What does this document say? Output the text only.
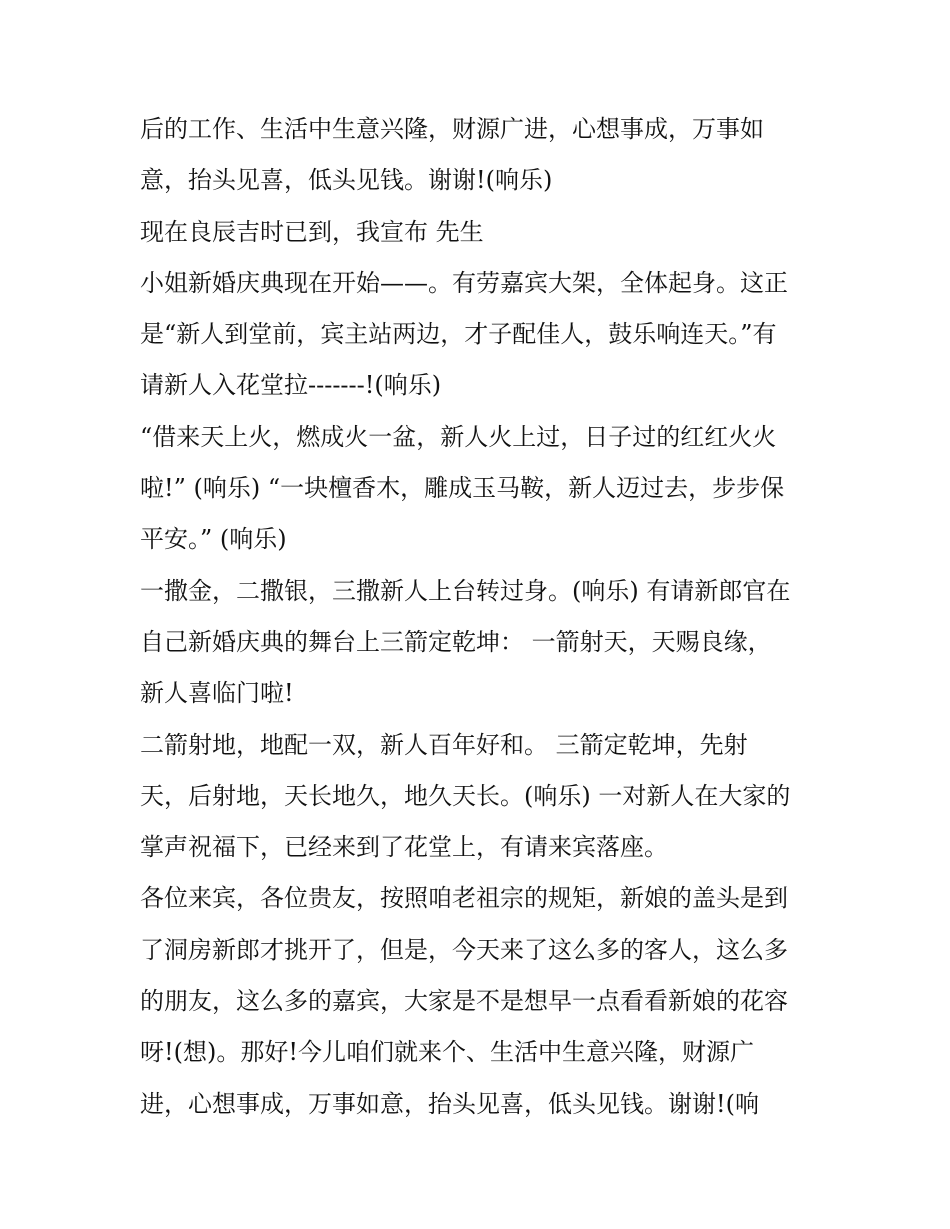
后的工作、生活中生意兴隆，财源广进，心想事成，万事如
意，抬头见喜，低头见钱。谢谢!(响乐)
现在良辰吉时已到，我宣布 先生
小姐新婚庆典现在开始——。有劳嘉宾大架，全体起身。这正
是“新人到堂前，宾主站两边，才子配佳人，鼓乐响连天。”有
请新人入花堂拉-------!(响乐)
“借来天上火，燃成火一盆，新人火上过，日子过的红红火火
啦!” (响乐) “一块檀香木，雕成玉马鞍，新人迈过去，步步保
平安。” (响乐)
一撒金，二撒银，三撒新人上台转过身。(响乐) 有请新郎官在
自己新婚庆典的舞台上三箭定乾坤： 一箭射天，天赐良缘，
新人喜临门啦!
二箭射地，地配一双，新人百年好和。 三箭定乾坤，先射
天，后射地，天长地久，地久天长。(响乐) 一对新人在大家的
掌声祝福下，已经来到了花堂上，有请来宾落座。
各位来宾，各位贵友，按照咱老祖宗的规矩，新娘的盖头是到
了洞房新郎才挑开了，但是，今天来了这么多的客人，这么多
的朋友，这么多的嘉宾，大家是不是想早一点看看新娘的花容
呀!(想)。那好!今儿咱们就来个、生活中生意兴隆，财源广
进，心想事成，万事如意，抬头见喜，低头见钱。谢谢!(响
